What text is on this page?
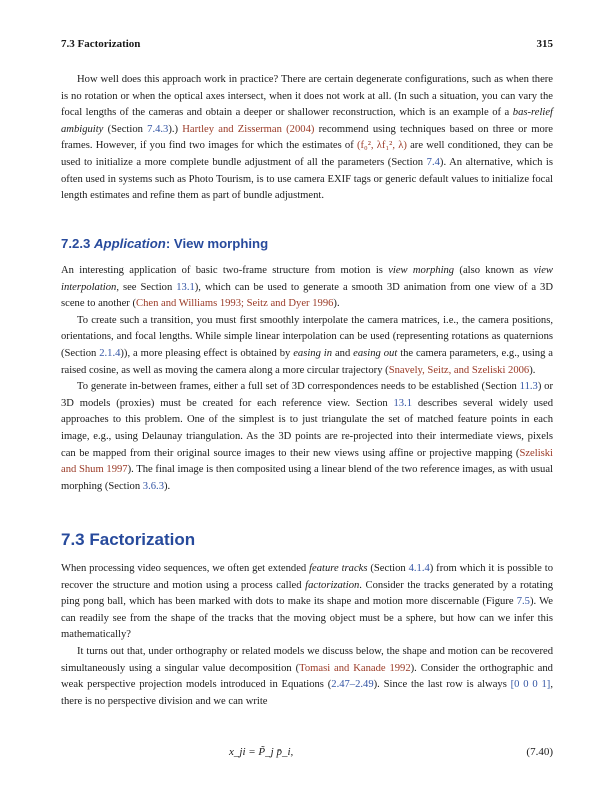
7.3 Factorization	315

How well does this approach work in practice? There are certain degenerate configurations, such as when there is no rotation or when the optical axes intersect, when it does not work at all. (In such a situation, you can vary the focal lengths of the cameras and obtain a deeper or shallower reconstruction, which is an example of a bas-relief ambiguity (Section 7.4.3).) Hartley and Zisserman (2004) recommend using techniques based on three or more frames. However, if you find two images for which the estimates of (f₀², λf₁², λ) are well conditioned, they can be used to initialize a more complete bundle adjustment of all the parameters (Section 7.4). An alternative, which is often used in systems such as Photo Tourism, is to use camera EXIF tags or generic default values to initialize focal length estimates and refine them as part of bundle adjustment.

7.2.3 Application: View morphing

An interesting application of basic two-frame structure from motion is view morphing (also known as view interpolation, see Section 13.1), which can be used to generate a smooth 3D animation from one view of a 3D scene to another (Chen and Williams 1993; Seitz and Dyer 1996).

To create such a transition, you must first smoothly interpolate the camera matrices, i.e., the camera positions, orientations, and focal lengths. While simple linear interpolation can be used (representing rotations as quaternions (Section 2.1.4)), a more pleasing effect is obtained by easing in and easing out the camera parameters, e.g., using a raised cosine, as well as moving the camera along a more circular trajectory (Snavely, Seitz, and Szeliski 2006).

To generate in-between frames, either a full set of 3D correspondences needs to be established (Section 11.3) or 3D models (proxies) must be created for each reference view. Section 13.1 describes several widely used approaches to this problem. One of the simplest is to just triangulate the set of matched feature points in each image, e.g., using Delaunay triangulation. As the 3D points are re-projected into their intermediate views, pixels can be mapped from their original source images to their new views using affine or projective mapping (Szeliski and Shum 1997). The final image is then composited using a linear blend of the two reference images, as with usual morphing (Section 3.6.3).

7.3 Factorization

When processing video sequences, we often get extended feature tracks (Section 4.1.4) from which it is possible to recover the structure and motion using a process called factorization. Consider the tracks generated by a rotating ping pong ball, which has been marked with dots to make its shape and motion more discernable (Figure 7.5). We can readily see from the shape of the tracks that the moving object must be a sphere, but how can we infer this mathematically?

It turns out that, under orthography or related models we discuss below, the shape and motion can be recovered simultaneously using a singular value decomposition (Tomasi and Kanade 1992). Consider the orthographic and weak perspective projection models introduced in Equations (2.47–2.49). Since the last row is always [0 0 0 1], there is no perspective division and we can write

x_ji = P̃_j p̄_i,	(7.40)
